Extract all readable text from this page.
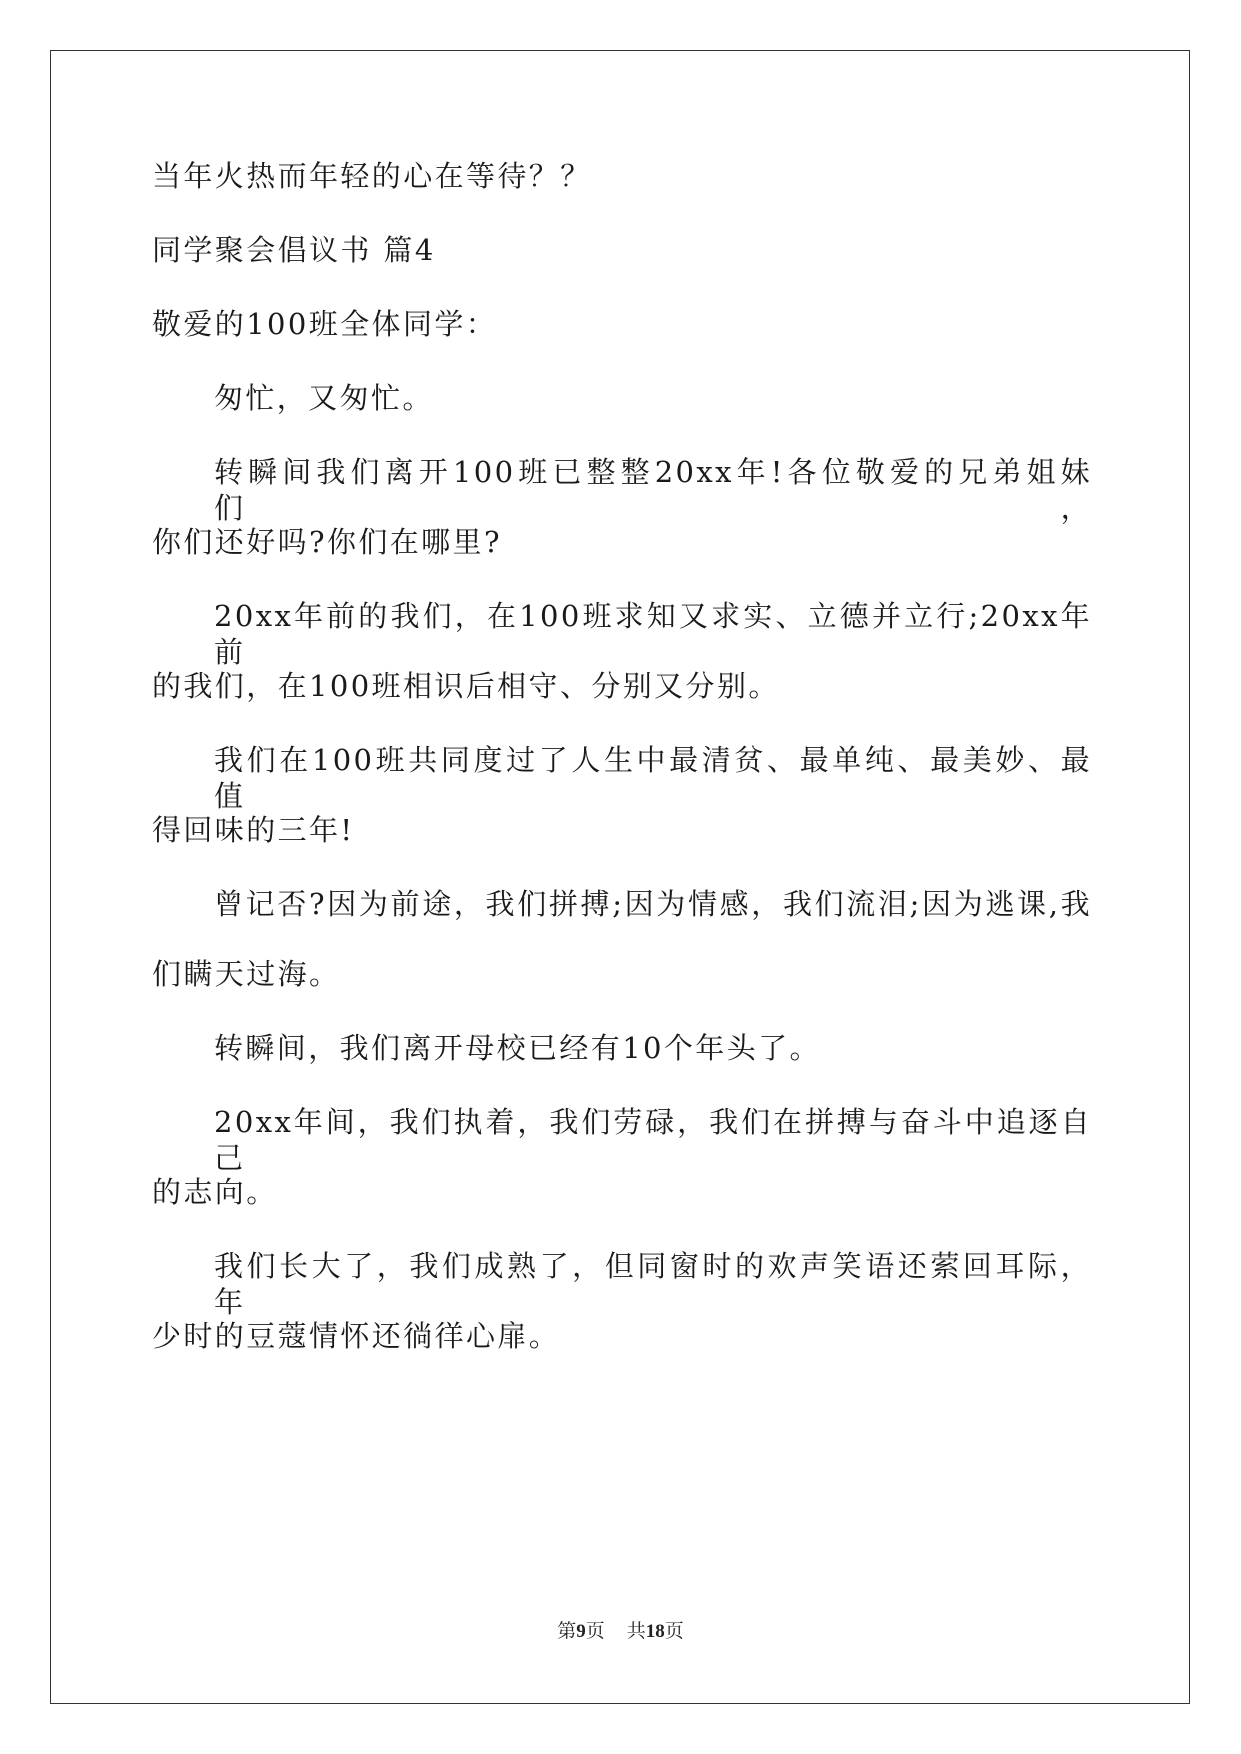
当年火热而年轻的心在等待？？
同学聚会倡议书 篇4
敬爱的100班全体同学：
匆忙，又匆忙。
转瞬间我们离开100班已整整20xx年!各位敬爱的兄弟姐妹们，
你们还好吗?你们在哪里?
20xx年前的我们，在100班求知又求实、立德并立行;20xx年前
的我们，在100班相识后相守、分别又分别。
我们在100班共同度过了人生中最清贫、最单纯、最美妙、最值
得回味的三年!
曾记否?因为前途，我们拼搏;因为情感，我们流泪;因为逃课,我
们瞒天过海。
转瞬间，我们离开母校已经有10个年头了。
20xx年间，我们执着，我们劳碌，我们在拼搏与奋斗中追逐自己
的志向。
我们长大了，我们成熟了，但同窗时的欢声笑语还萦回耳际，年
少时的豆蔻情怀还徜徉心扉。
第9页 共18页
